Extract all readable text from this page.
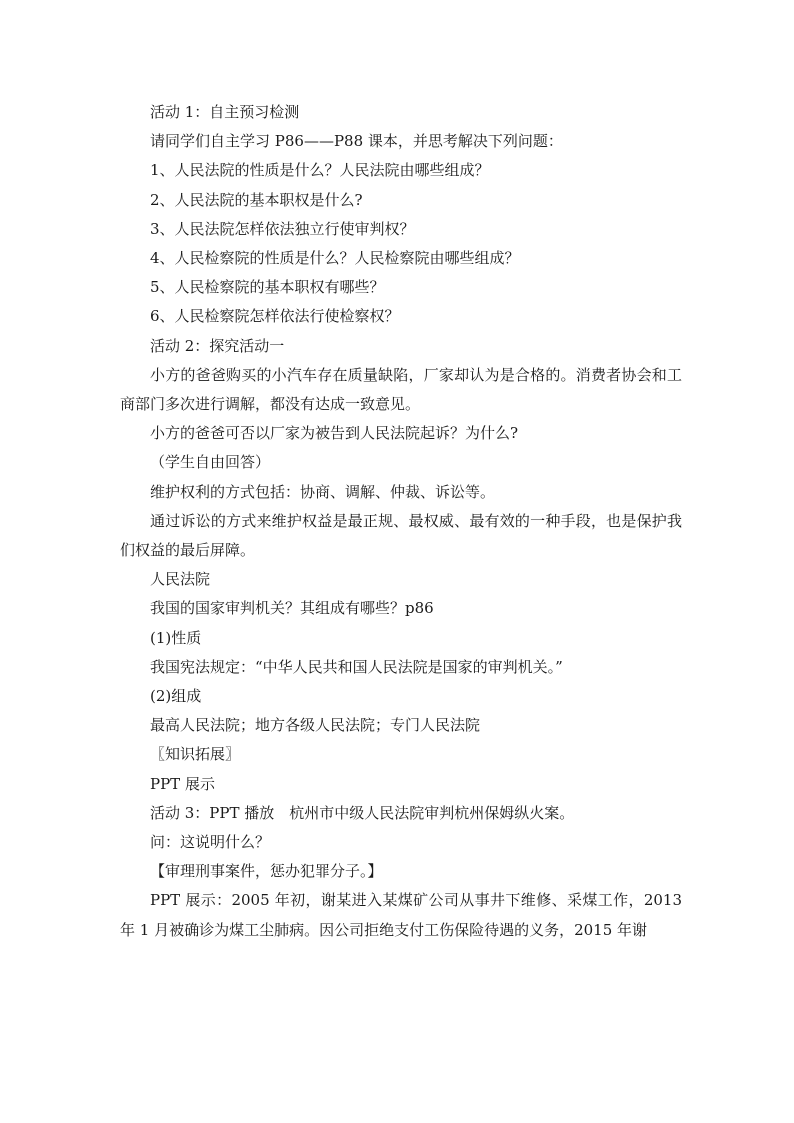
活动 1：自主预习检测

请同学们自主学习 P86——P88 课本，并思考解决下列问题：

1、人民法院的性质是什么？人民法院由哪些组成？

2、人民法院的基本职权是什么?

3、人民法院怎样依法独立行使审判权？

4、人民检察院的性质是什么？人民检察院由哪些组成？

5、人民检察院的基本职权有哪些？

6、人民检察院怎样依法行使检察权？

活动 2：探究活动一

小方的爸爸购买的小汽车存在质量缺陷，厂家却认为是合格的。消费者协会和工商部门多次进行调解，都没有达成一致意见。

小方的爸爸可否以厂家为被告到人民法院起诉？为什么?

（学生自由回答）

维护权利的方式包括：协商、调解、仲裁、诉讼等。

通过诉讼的方式来维护权益是最正规、最权威、最有效的一种手段，也是保护我们权益的最后屏障。

人民法院

我国的国家审判机关？其组成有哪些？p86

(1)性质

我国宪法规定：“中华人民共和国人民法院是国家的审判机关。”

(2)组成

最高人民法院；地方各级人民法院；专门人民法院

〖知识拓展〗

PPT 展示

活动 3：PPT 播放　杭州市中级人民法院审判杭州保姆纵火案。

问：这说明什么？

【审理刑事案件，惩办犯罪分子。】

PPT 展示：2005 年初，谢某进入某煤矿公司从事井下维修、采煤工作，2013 年 1 月被确诊为煤工尘肺病。因公司拒绝支付工伤保险待遇的义务，2015 年谢
